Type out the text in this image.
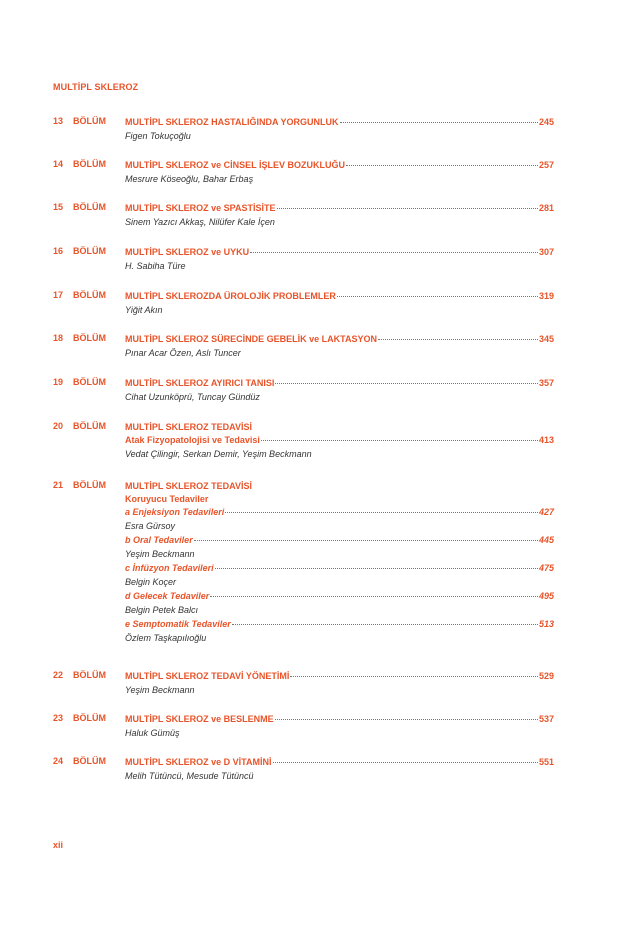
MULTİPL SKLEROZ
13	BÖLÜM MULTİPL SKLEROZ HASTALIĞINDA YORGUNLUK	245
Figen Tokuçoğlu
14	BÖLÜM MULTİPL SKLEROZ ve CİNSEL İŞLEV BOZUKLUĞU	257
Mesrure Köseoğlu, Bahar Erbaş
15	BÖLÜM MULTİPL SKLEROZ ve SPASTİSİTE	281
Sinem Yazıcı Akkaş, Nilüfer Kale İçen
16	BÖLÜM MULTİPL SKLEROZ ve UYKU	307
H. Sabiha Türe
17	BÖLÜM MULTİPL SKLEROZDA ÜROLOJİK PROBLEMLER	319
Yiğit Akın
18	BÖLÜM MULTİPL SKLEROZ SÜRECİNDE GEBELİK ve LAKTASYON	345
Pınar Acar Özen, Aslı Tuncer
19	BÖLÜM MULTİPL SKLEROZ AYIRICI TANISI	357
Cihat Uzunköprü, Tuncay Gündüz
20	BÖLÜM MULTİPL SKLEROZ TEDAVİSİ
Atak Fizyopatolojisi ve Tedavisi	413
Vedat Çilingir, Serkan Demir, Yeşim Beckmann
21	BÖLÜM MULTİPL SKLEROZ TEDAVİSİ
Koruyucu Tedaviler
a Enjeksiyon Tedavileri	427
Esra Gürsoy
b Oral Tedaviler	445
Yeşim Beckmann
c İnfüzyon Tedavileri	475
Belgin Koçer
d Gelecek Tedaviler	495
Belgin Petek Balcı
e Semptomatik Tedaviler	513
Özlem Taşkapılıoğlu
22	BÖLÜM MULTİPL SKLEROZ TEDAVİ YÖNETİMİ	529
Yeşim Beckmann
23	BÖLÜM MULTİPL SKLEROZ ve BESLENME	537
Haluk Gümüş
24	BÖLÜM MULTİPL SKLEROZ ve D VİTAMİNİ	551
Melih Tütüncü, Mesude Tütüncü
xii
